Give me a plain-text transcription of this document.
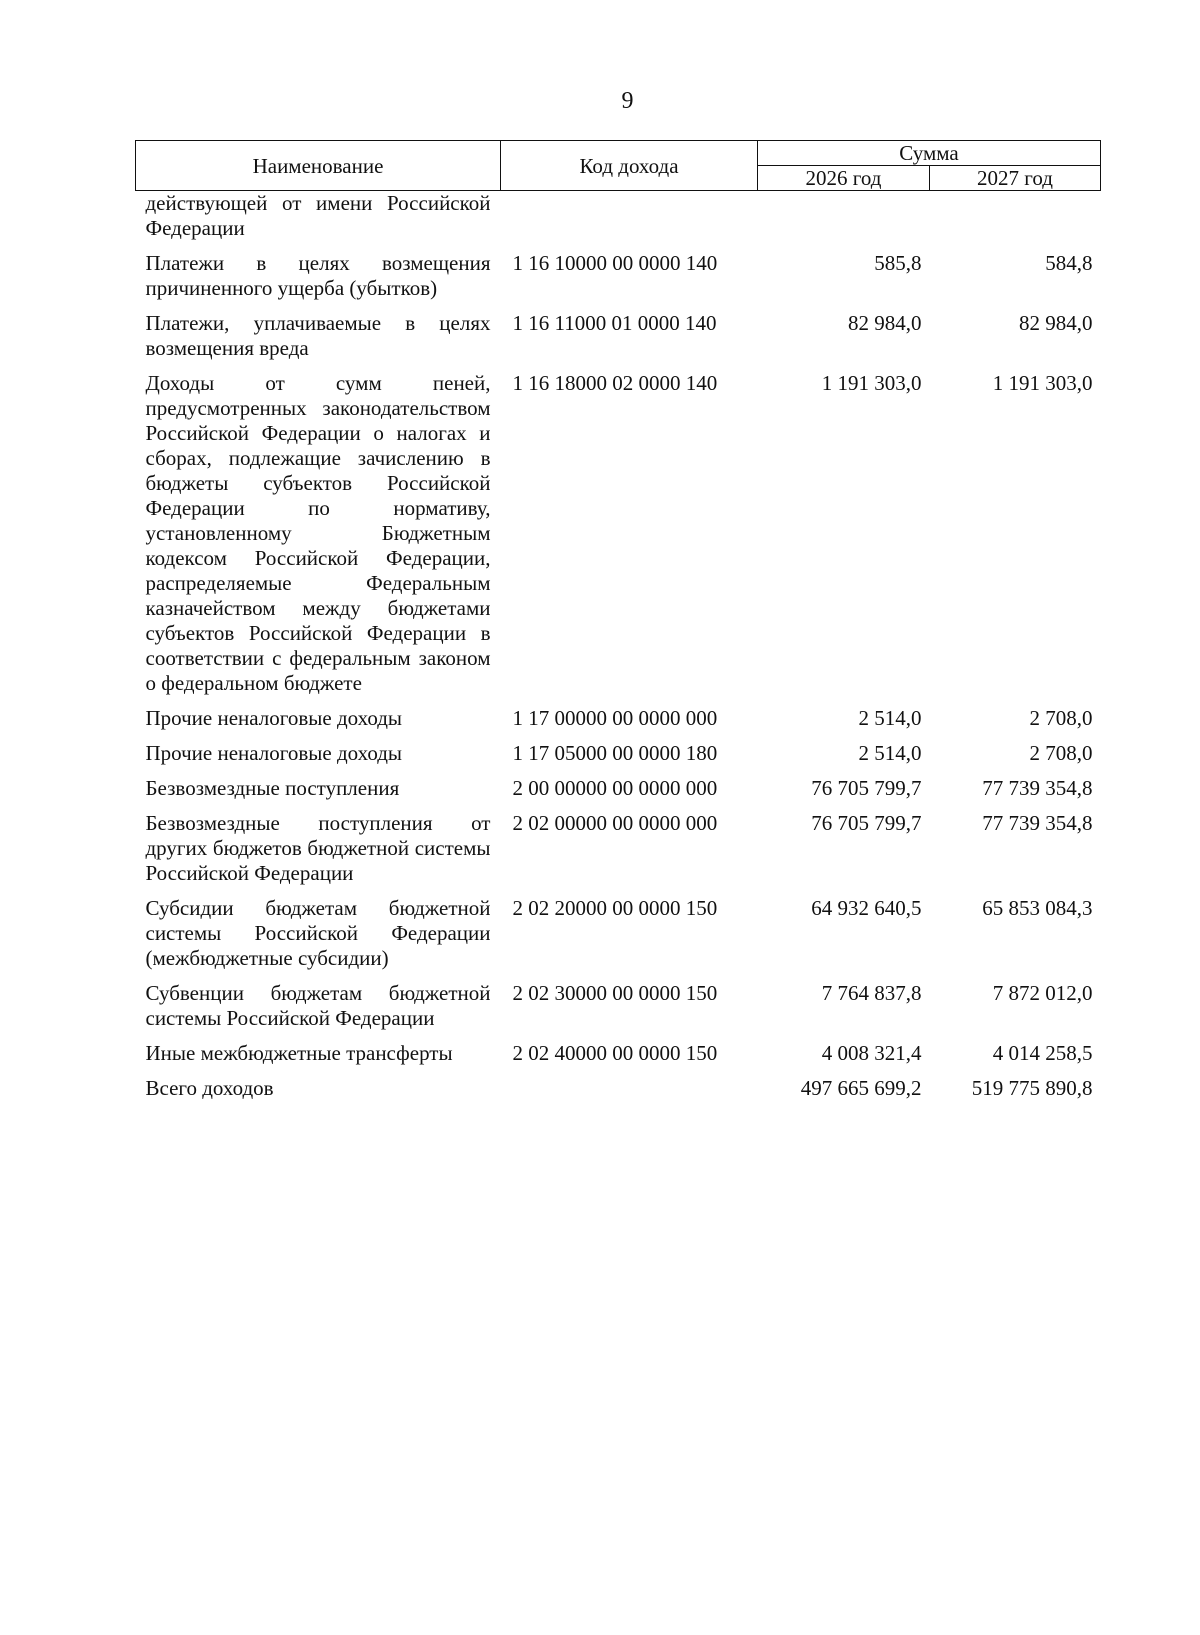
9
Наименование	Код дохода	Сумма	
		2026 год	2027 год
действующей от имени Российской Федерации			
Платежи в целях возмещения причиненного ущерба (убытков)	1 16 10000 00 0000 140	585,8	584,8
Платежи, уплачиваемые в целях возмещения вреда	1 16 11000 01 0000 140	82 984,0	82 984,0
Доходы от сумм пеней, предусмотренных законодательством Российской Федерации о налогах и сборах, подлежащие зачислению в бюджеты субъектов Российской Федерации по нормативу, установленному Бюджетным кодексом Российской Федерации, распределяемые Федеральным казначейством между бюджетами субъектов Российской Федерации в соответствии с федеральным законом о федеральном бюджете	1 16 18000 02 0000 140	1 191 303,0	1 191 303,0
Прочие неналоговые доходы	1 17 00000 00 0000 000	2 514,0	2 708,0
Прочие неналоговые доходы	1 17 05000 00 0000 180	2 514,0	2 708,0
Безвозмездные поступления	2 00 00000 00 0000 000	76 705 799,7	77 739 354,8
Безвозмездные поступления от других бюджетов бюджетной системы Российской Федерации	2 02 00000 00 0000 000	76 705 799,7	77 739 354,8
Субсидии бюджетам бюджетной системы Российской Федерации (межбюджетные субсидии)	2 02 20000 00 0000 150	64 932 640,5	65 853 084,3
Субвенции бюджетам бюджетной системы Российской Федерации	2 02 30000 00 0000 150	7 764 837,8	7 872 012,0
Иные межбюджетные трансферты	2 02 40000 00 0000 150	4 008 321,4	4 014 258,5
Всего доходов		497 665 699,2	519 775 890,8
